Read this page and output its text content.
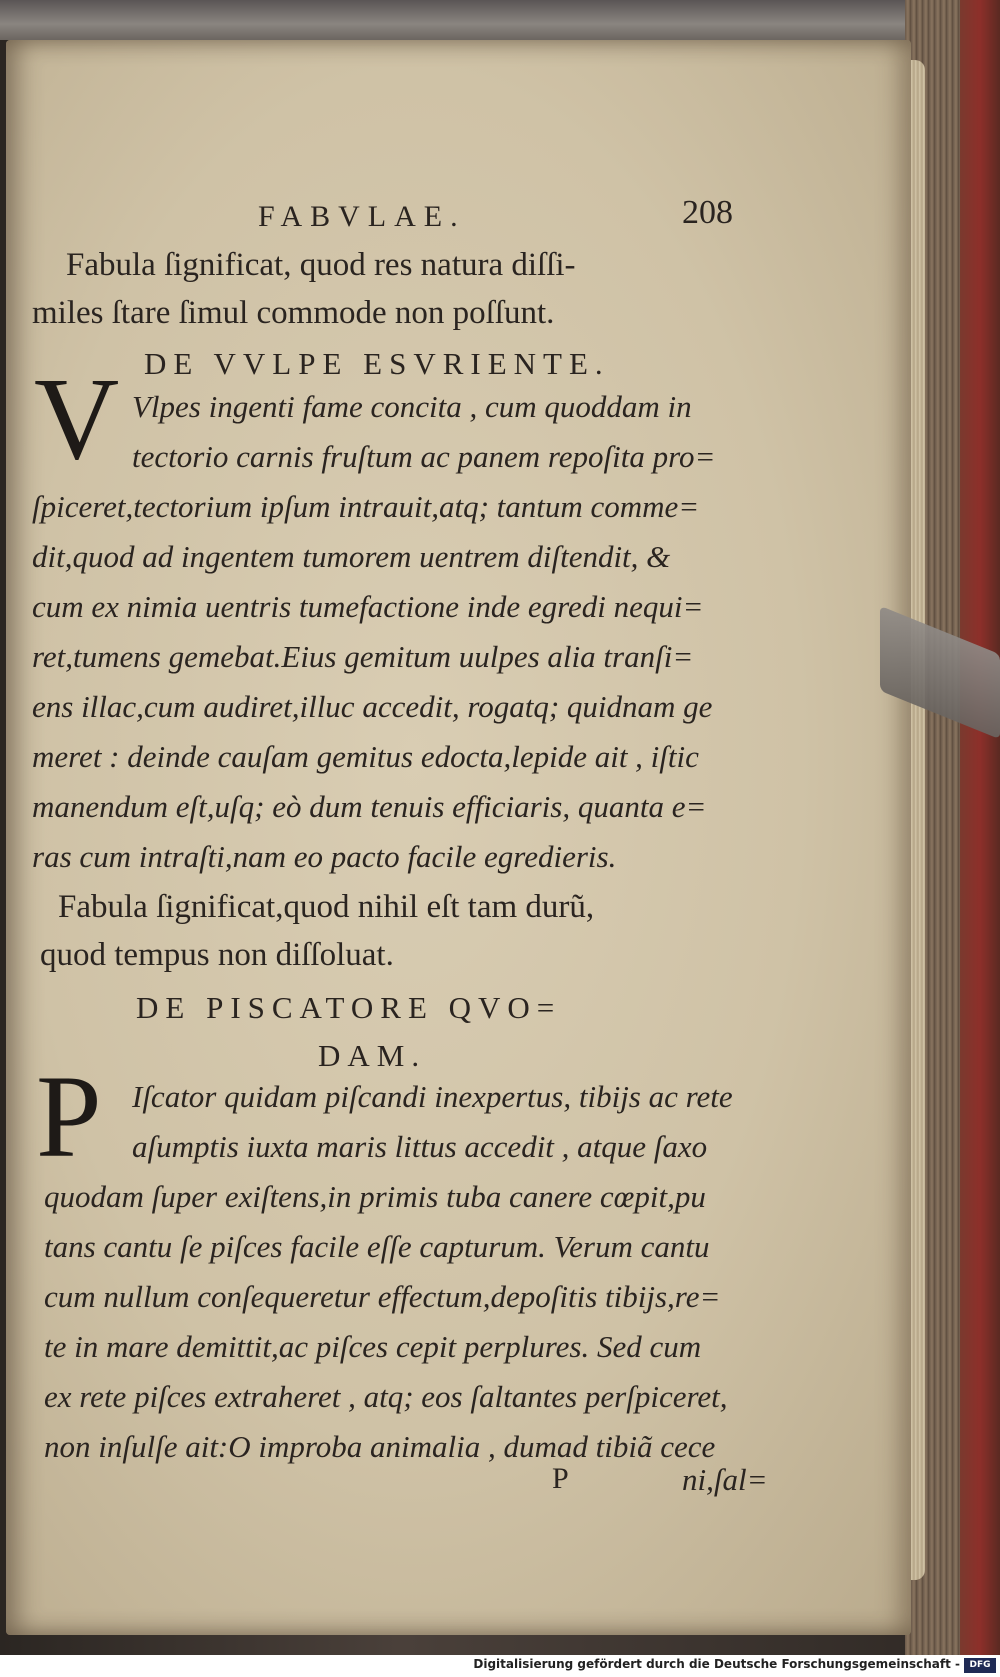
FABVLAE.	208
Fabula ſignificat, quod res natura diſſi-
miles ſtare ſimul commode non poſſunt.
DE VVLPE ESVRIENTE.
V Vlpes ingenti fame concita , cum quoddam in
tectorio carnis fruſtum ac panem repoſita pro=
ſpiceret,tectorium ipſum intrauit,atq; tantum comme=
dit,quod ad ingentem tumorem uentrem diſtendit, &
cum ex nimia uentris tumefactione inde egredi nequi=
ret,tumens gemebat.Eius gemitum uulpes alia tranſi=
ens illac,cum audiret,illuc accedit, rogatq; quidnam ge
meret : deinde cauſam gemitus edocta,lepide ait , iſtic
manendum eſt,uſq; eò dum tenuis efficiaris, quanta e=
ras cum intraſti,nam eo pacto facile egredieris.
Fabula ſignificat,quod nihil eſt tam durũ,
quod tempus non diſſoluat.
DE PISCATORE QVO=
DAM.
P Iſcator quidam piſcandi inexpertus, tibijs ac rete
aſumptis iuxta maris littus accedit , atque ſaxo
quodam ſuper exiſtens,in primis tuba canere cœpit,pu
tans cantu ſe piſces facile eſſe capturum. Verum cantu
cum nullum conſequeretur effectum,depoſitis tibijs,re=
te in mare demittit,ac piſces cepit perplures. Sed cum
ex rete piſces extraheret , atq; eos ſaltantes perſpiceret,
non inſulſe ait:O improba animalia , dumad tibiã cece
P	ni,ſal=
Digitalisierung gefördert durch die Deutsche Forschungsgemeinschaft -	DFG
